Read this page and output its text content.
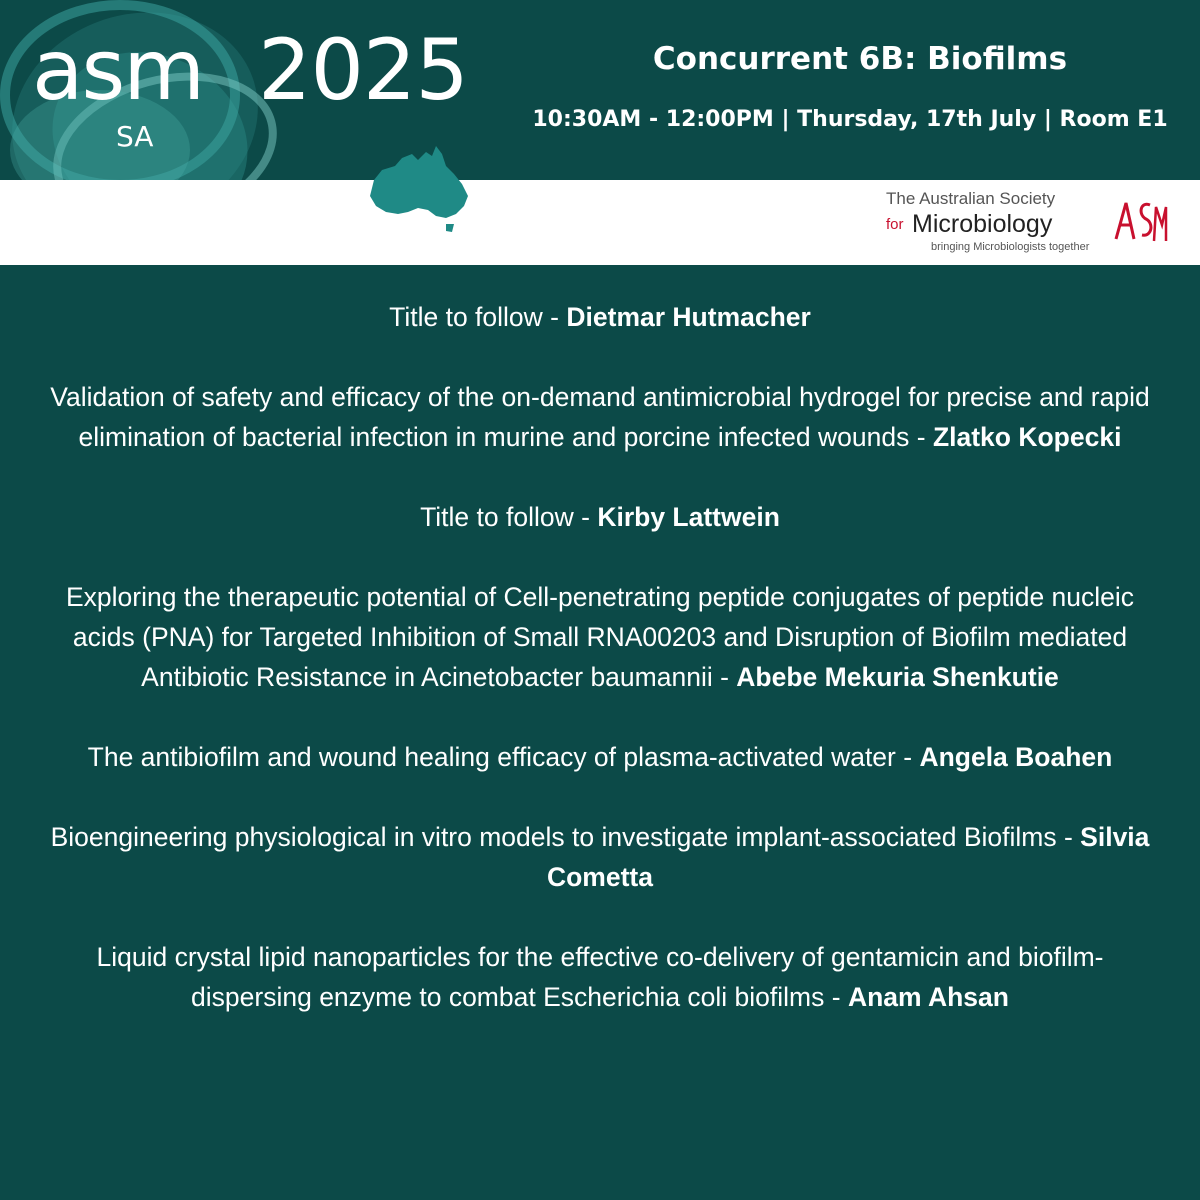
asm 2025
SA
Concurrent 6B: Biofilms
10:30AM - 12:00PM | Thursday, 17th July | Room E1
The Australian Society
for Microbiology
bringing Microbiologists together
Title to follow - Dietmar Hutmacher
Validation of safety and efficacy of the on-demand antimicrobial hydrogel for precise and rapid elimination of bacterial infection in murine and porcine infected wounds - Zlatko Kopecki
Title to follow - Kirby Lattwein
Exploring the therapeutic potential of Cell-penetrating peptide conjugates of peptide nucleic acids (PNA) for Targeted Inhibition of Small RNA00203 and Disruption of Biofilm mediated Antibiotic Resistance in Acinetobacter baumannii - Abebe Mekuria Shenkutie
The antibiofilm and wound healing efficacy of plasma-activated water - Angela Boahen
Bioengineering physiological in vitro models to investigate implant-associated Biofilms - Silvia Cometta
Liquid crystal lipid nanoparticles for the effective co-delivery of gentamicin and biofilm-dispersing enzyme to combat Escherichia coli biofilms - Anam Ahsan
